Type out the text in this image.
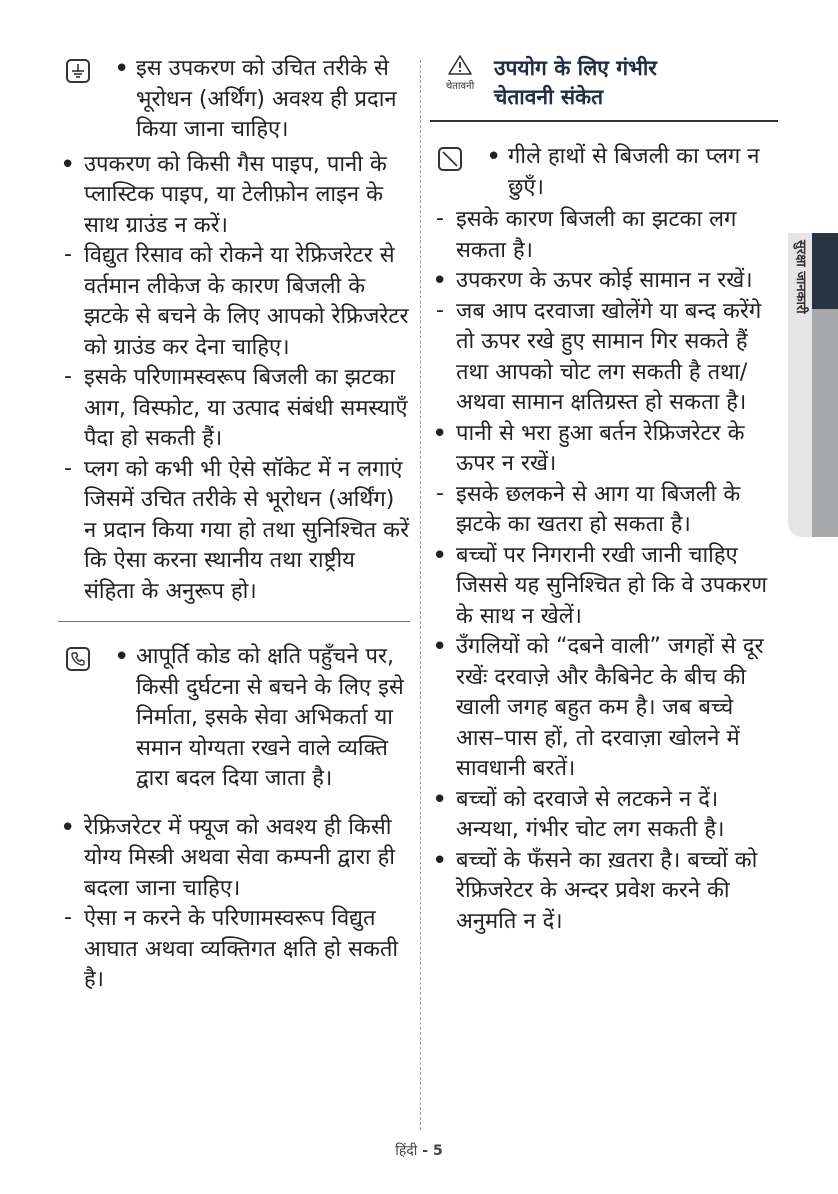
• इस उपकरण को उचित तरीके से भूरोधन (अर्थिंग) अवश्य ही प्रदान किया जाना चाहिए।
• उपकरण को किसी गैस पाइप, पानी के प्लास्टिक पाइप, या टेलीफ़ोन लाइन के साथ ग्राउंड न करें।
- विद्युत रिसाव को रोकने या रेफ्रिजरेटर से वर्तमान लीकेज के कारण बिजली के झटके से बचने के लिए आपको रेफ्रिजरेटर को ग्राउंड कर देना चाहिए।
- इसके परिणामस्वरूप बिजली का झटका आग, विस्फोट, या उत्पाद संबंधी समस्याएँ पैदा हो सकती हैं।
- प्लग को कभी भी ऐसे सॉकेट में न लगाएं जिसमें उचित तरीके से भूरोधन (अर्थिंग) न प्रदान किया गया हो तथा सुनिश्चित करें कि ऐसा करना स्थानीय तथा राष्ट्रीय संहिता के अनुरूप हो।
• आपूर्ति कोड को क्षति पहुँचने पर, किसी दुर्घटना से बचने के लिए इसे निर्माता, इसके सेवा अभिकर्ता या समान योग्यता रखने वाले व्यक्ति द्वारा बदल दिया जाता है।
• रेफ्रिजरेटर में फ्यूज को अवश्य ही किसी योग्य मिस्त्री अथवा सेवा कम्पनी द्वारा ही बदला जाना चाहिए।
- ऐसा न करने के परिणामस्वरूप विद्युत आघात अथवा व्यक्तिगत क्षति हो सकती है।
चेतावनी
उपयोग के लिए गंभीर
चेतावनी संकेत
• गीले हाथों से बिजली का प्लग न छुएँ।
- इसके कारण बिजली का झटका लग सकता है।
• उपकरण के ऊपर कोई सामान न रखें।
- जब आप दरवाजा खोलेंगे या बन्द करेंगे तो ऊपर रखे हुए सामान गिर सकते हैं तथा आपको चोट लग सकती है तथा/अथवा सामान क्षतिग्रस्त हो सकता है।
• पानी से भरा हुआ बर्तन रेफ्रिजरेटर के ऊपर न रखें।
- इसके छलकने से आग या बिजली के झटके का खतरा हो सकता है।
• बच्चों पर निगरानी रखी जानी चाहिए जिससे यह सुनिश्चित हो कि वे उपकरण के साथ न खेलें।
• उँगलियों को “दबने वाली” जगहों से दूर रखेंः दरवाज़े और कैबिनेट के बीच की खाली जगह बहुत कम है। जब बच्चे आस–पास हों, तो दरवाज़ा खोलने में सावधानी बरतें।
• बच्चों को दरवाजे से लटकने न दें। अन्यथा, गंभीर चोट लग सकती है।
• बच्चों के फँसने का ख़तरा है। बच्चों को रेफ्रिजरेटर के अन्दर प्रवेश करने की अनुमति न दें।
सुरक्षा जानकारी
हिंदी - 5
